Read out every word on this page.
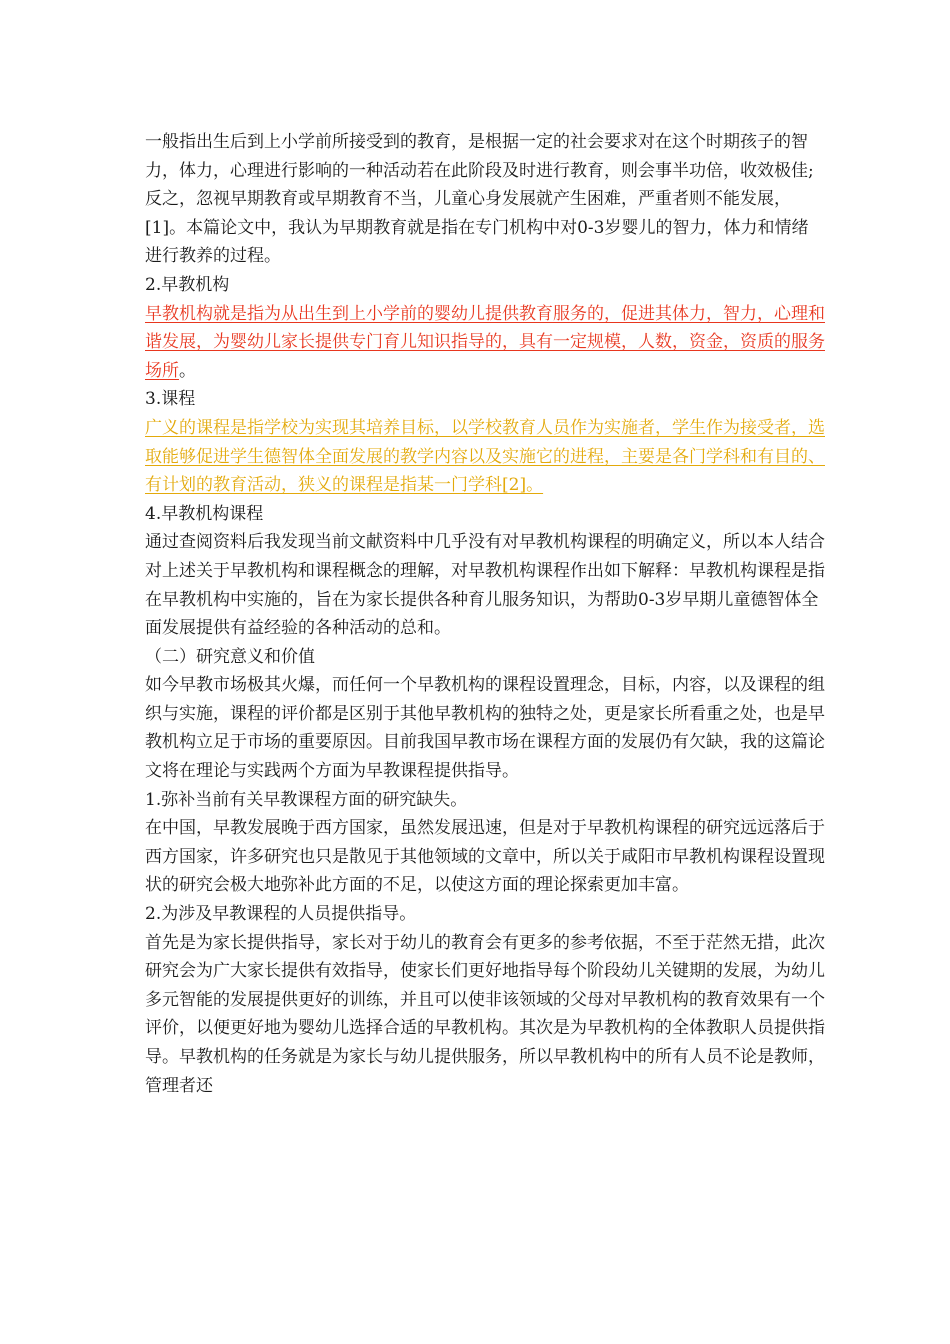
一般指出生后到上小学前所接受到的教育，是根据一定的社会要求对在这个时期孩子的智力，体力，心理进行影响的一种活动若在此阶段及时进行教育，则会事半功倍，收效极佳;反之，忽视早期教育或早期教育不当，儿童心身发展就产生困难，严重者则不能发展，[1]。本篇论文中，我认为早期教育就是指在专门机构中对0-3岁婴儿的智力，体力和情绪进行教养的过程。

2.早教机构

早教机构就是指为从出生到上小学前的婴幼儿提供教育服务的，促进其体力，智力，心理和谐发展，为婴幼儿家长提供专门育儿知识指导的，具有一定规模，人数，资金，资质的服务场所。

3.课程

广义的课程是指学校为实现其培养目标，以学校教育人员作为实施者，学生作为接受者，选取能够促进学生德智体全面发展的教学内容以及实施它的进程，主要是各门学科和有目的、有计划的教育活动，狭义的课程是指某一门学科[2]。

4.早教机构课程

通过查阅资料后我发现当前文献资料中几乎没有对早教机构课程的明确定义，所以本人结合对上述关于早教机构和课程概念的理解，对早教机构课程作出如下解释：早教机构课程是指在早教机构中实施的，旨在为家长提供各种育儿服务知识，为帮助0-3岁早期儿童德智体全面发展提供有益经验的各种活动的总和。

（二）研究意义和价值

如今早教市场极其火爆，而任何一个早教机构的课程设置理念，目标，内容，以及课程的组织与实施，课程的评价都是区别于其他早教机构的独特之处，更是家长所看重之处，也是早教机构立足于市场的重要原因。目前我国早教市场在课程方面的发展仍有欠缺，我的这篇论文将在理论与实践两个方面为早教课程提供指导。

1.弥补当前有关早教课程方面的研究缺失。

在中国，早教发展晚于西方国家，虽然发展迅速，但是对于早教机构课程的研究远远落后于西方国家，许多研究也只是散见于其他领域的文章中，所以关于咸阳市早教机构课程设置现状的研究会极大地弥补此方面的不足，以使这方面的理论探索更加丰富。

2.为涉及早教课程的人员提供指导。

首先是为家长提供指导，家长对于幼儿的教育会有更多的参考依据，不至于茫然无措，此次研究会为广大家长提供有效指导，使家长们更好地指导每个阶段幼儿关键期的发展，为幼儿多元智能的发展提供更好的训练，并且可以使非该领域的父母对早教机构的教育效果有一个评价，以便更好地为婴幼儿选择合适的早教机构。其次是为早教机构的全体教职人员提供指导。早教机构的任务就是为家长与幼儿提供服务，所以早教机构中的所有人员不论是教师，管理者还
